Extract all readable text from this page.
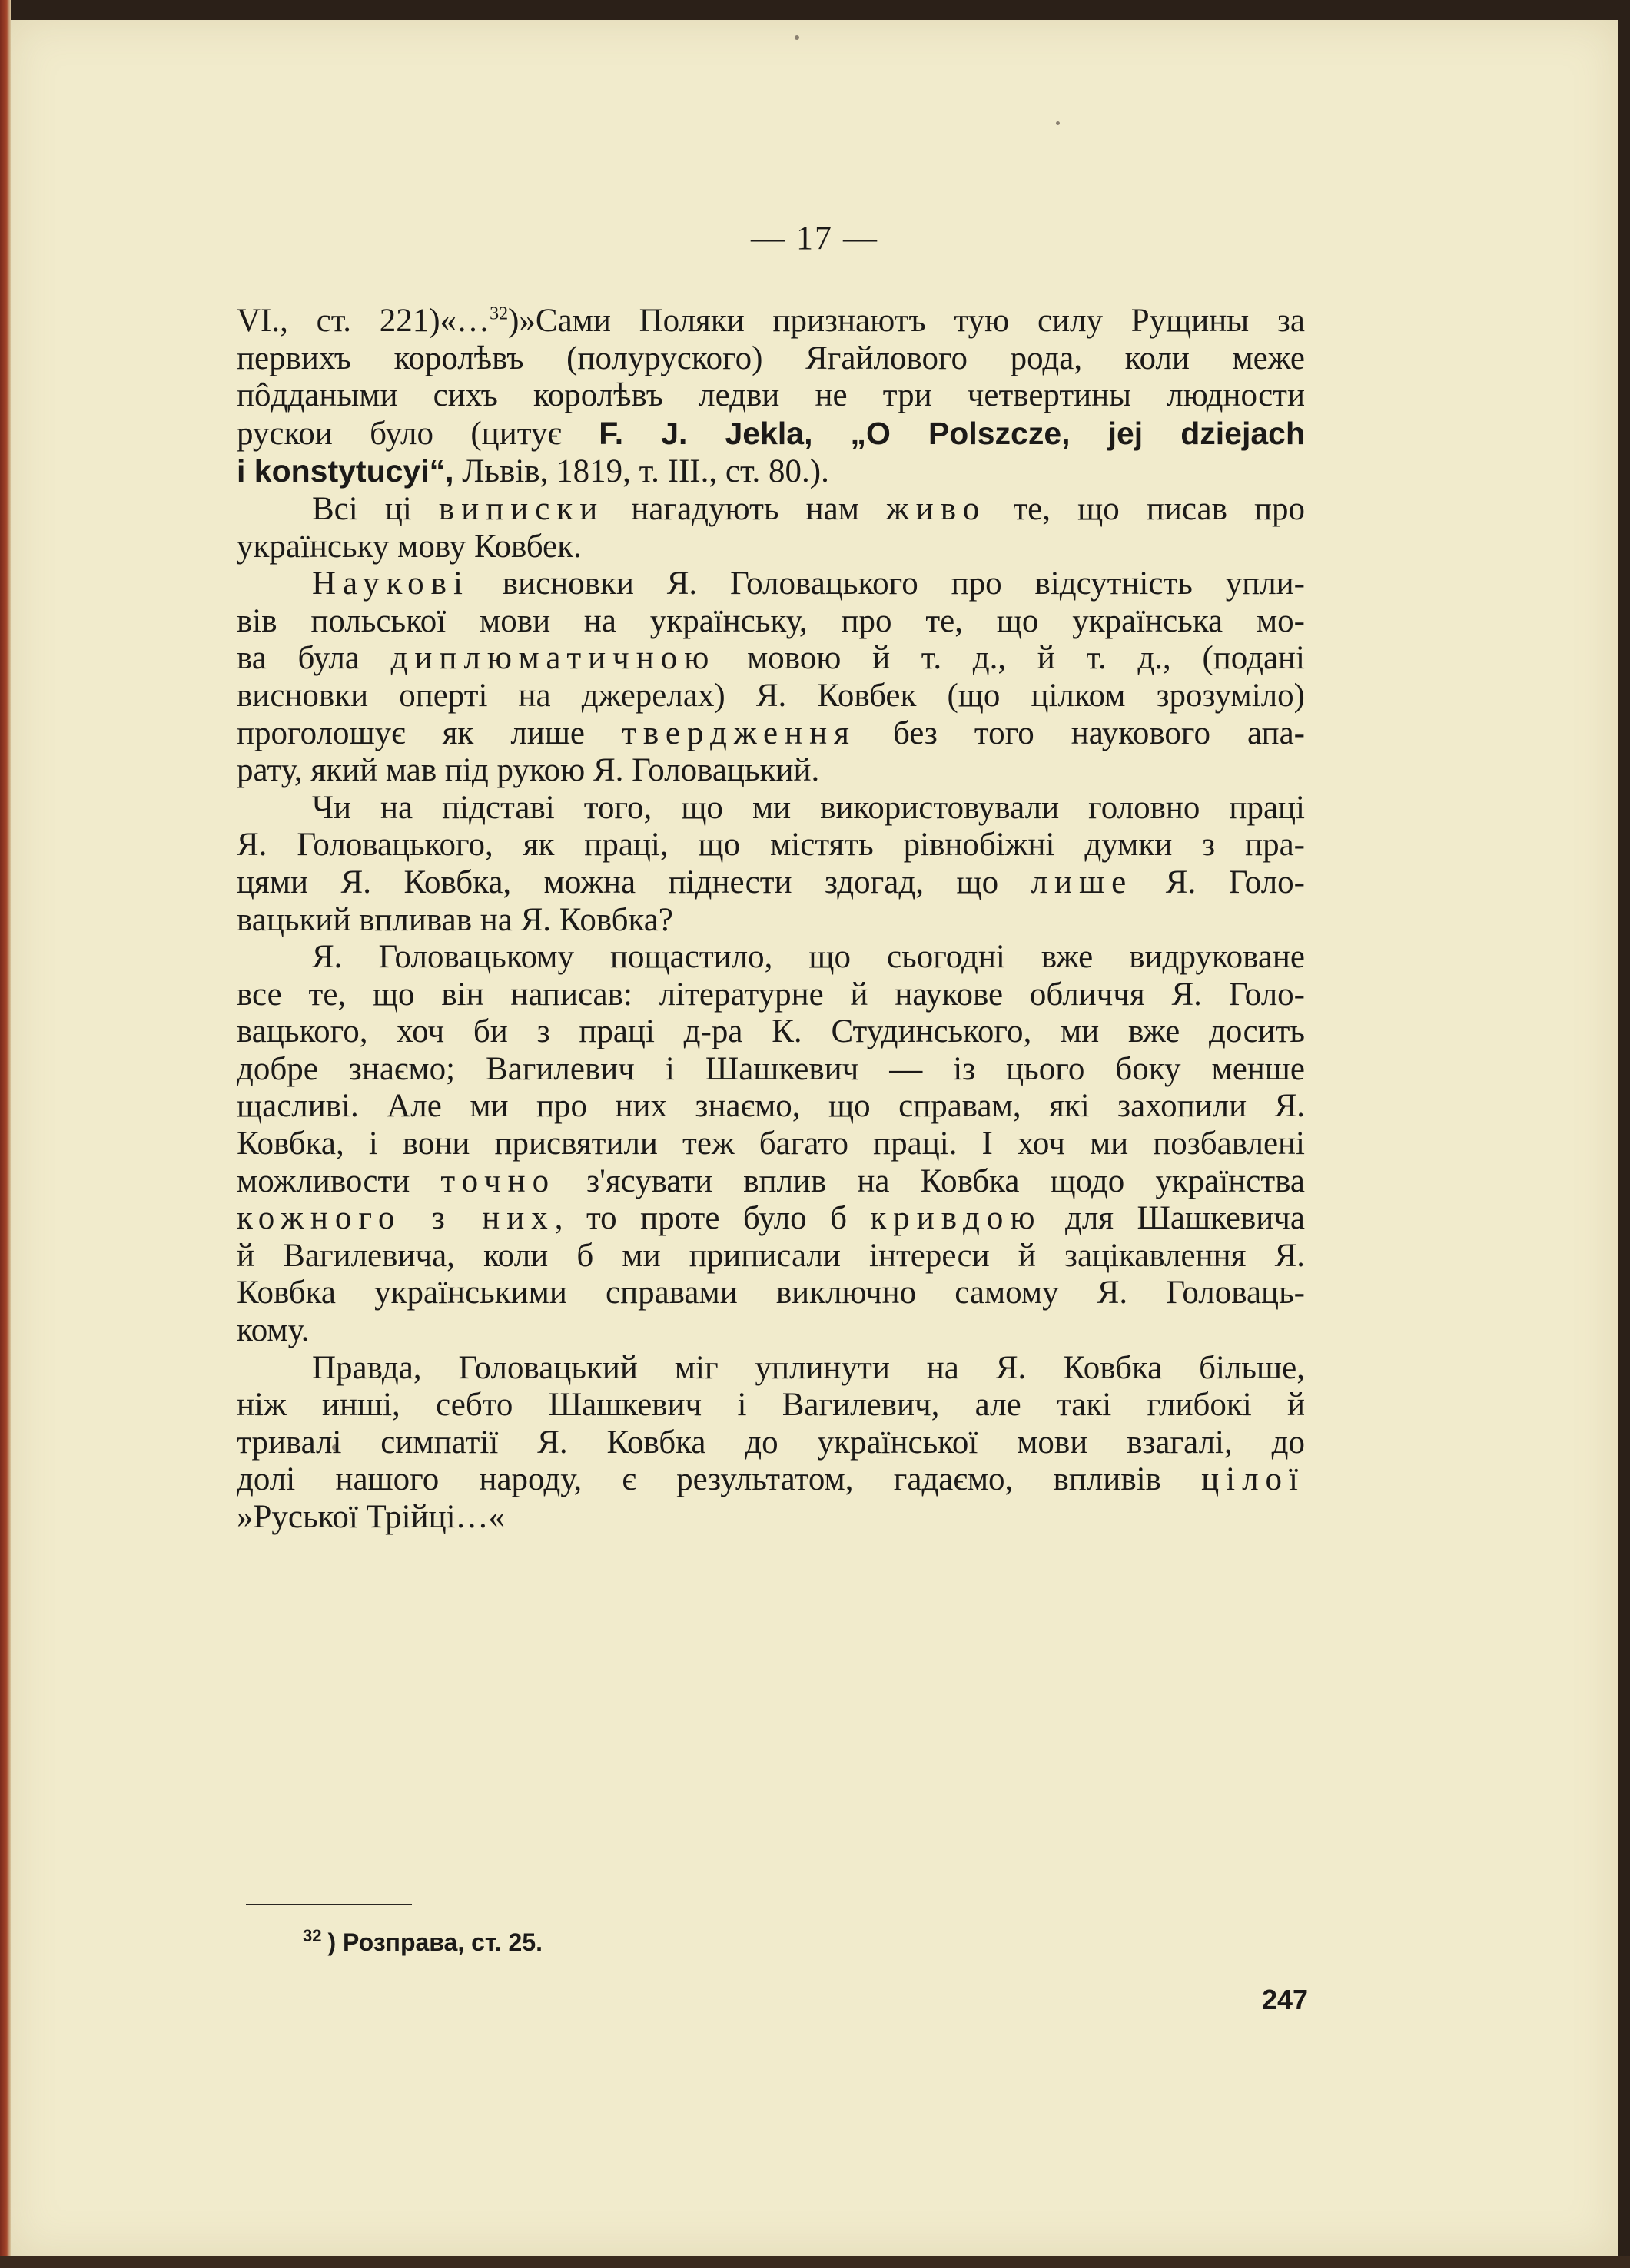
— 17 —

VI., ст. 221)«…$^{32}$)»Сами Поляки признаютъ тую силу Рущины за

первихъ королѣвъ (полуруского) Ягайлового рода, коли меже

пôддаными сихъ королѣвъ ледви не три четвертины людности

рускои було (цитує F. J. Jekla, „O Polszcze, jej dziejach

i konstytucyi“, Львів, 1819, т. III., ст. 80.).

Всі ці виписки нагадують нам живо те, що писав про

українську мову Ковбек.

Наукові висновки Я. Головацького про відсутність упли-

вів польської мови на українську, про те, що українська мо-

ва була диплюматичною мовою й т. д., й т. д., (подані

висновки оперті на джерелах) Я. Ковбек (що цілком зрозуміло)

проголошує як лише твердження без того наукового апа-

рату, який мав під рукою Я. Головацький.

Чи на підставі того, що ми використовували головно праці

Я. Головацького, як праці, що містять рівнобіжні думки з пра-

цями Я. Ковбка, можна піднести здогад, що лише Я. Голо-

вацький впливав на Я. Ковбка?

Я. Головацькому пощастило, що сьогодні вже видруковане

все те, що він написав: літературне й наукове обличчя Я. Голо-

вацького, хоч би з праці д-ра К. Студинського, ми вже досить

добре знаємо; Вагилевич і Шашкевич — із цього боку менше

щасливі. Але ми про них знаємо, що справам, які захопили Я.

Ковбка, і вони присвятили теж багато праці. І хоч ми позбавлені

можливости точно з'ясувати вплив на Ковбка щодо українства

кожного з них, то проте було б кривдою для Шашкевича

й Вагилевича, коли б ми приписали інтереси й зацікавлення Я.

Ковбка українськими справами виключно самому Я. Головаць-

кому.

Правда, Головацький міг уплинути на Я. Ковбка більше,

ніж инші, себто Шашкевич і Вагилевич, але такі глибокі й

тривалі симпатії Я. Ковбка до української мови взагалі, до

долі нашого народу, є результатом, гадаємо, впливів цілої

»Руської Трійці…«

$^{32}$ ) Розправа, ст. 25.
247
